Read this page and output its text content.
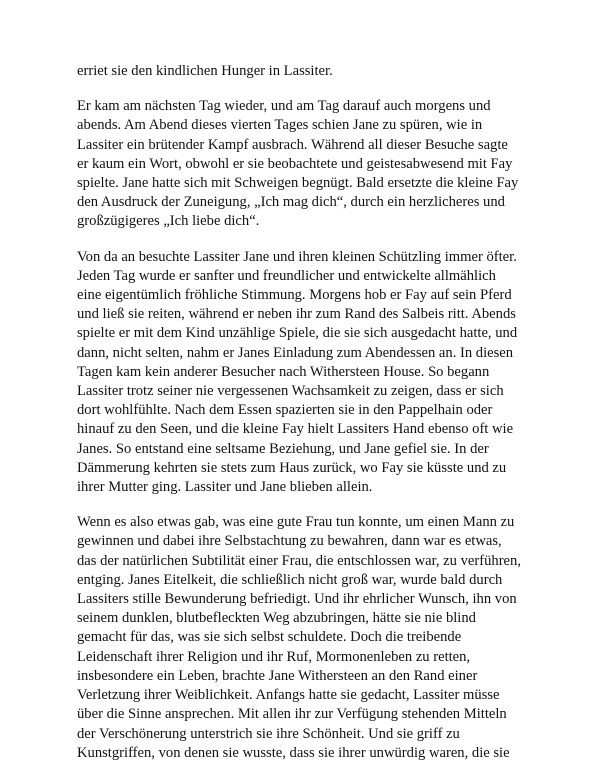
erriet sie den kindlichen Hunger in Lassiter.

Er kam am nächsten Tag wieder, und am Tag darauf auch morgens und
abends. Am Abend dieses vierten Tages schien Jane zu spüren, wie in
Lassiter ein brütender Kampf ausbrach. Während all dieser Besuche sagte
er kaum ein Wort, obwohl er sie beobachtete und geistesabwesend mit Fay
spielte. Jane hatte sich mit Schweigen begnügt. Bald ersetzte die kleine Fay
den Ausdruck der Zuneigung, „Ich mag dich“, durch ein herzlicheres und
großzügigeres „Ich liebe dich“.

Von da an besuchte Lassiter Jane und ihren kleinen Schützling immer öfter.
Jeden Tag wurde er sanfter und freundlicher und entwickelte allmählich
eine eigentümlich fröhliche Stimmung. Morgens hob er Fay auf sein Pferd
und ließ sie reiten, während er neben ihr zum Rand des Salbeis ritt. Abends
spielte er mit dem Kind unzählige Spiele, die sie sich ausgedacht hatte, und
dann, nicht selten, nahm er Janes Einladung zum Abendessen an. In diesen
Tagen kam kein anderer Besucher nach Withersteen House. So begann
Lassiter trotz seiner nie vergessenen Wachsamkeit zu zeigen, dass er sich
dort wohlfühlte. Nach dem Essen spazierten sie in den Pappelhain oder
hinauf zu den Seen, und die kleine Fay hielt Lassiters Hand ebenso oft wie
Janes. So entstand eine seltsame Beziehung, und Jane gefiel sie. In der
Dämmerung kehrten sie stets zum Haus zurück, wo Fay sie küsste und zu
ihrer Mutter ging. Lassiter und Jane blieben allein.

Wenn es also etwas gab, was eine gute Frau tun konnte, um einen Mann zu
gewinnen und dabei ihre Selbstachtung zu bewahren, dann war es etwas,
das der natürlichen Subtilität einer Frau, die entschlossen war, zu verführen,
entging. Janes Eitelkeit, die schließlich nicht groß war, wurde bald durch
Lassiters stille Bewunderung befriedigt. Und ihr ehrlicher Wunsch, ihn von
seinem dunklen, blutbefleckten Weg abzubringen, hätte sie nie blind
gemacht für das, was sie sich selbst schuldete. Doch die treibende
Leidenschaft ihrer Religion und ihr Ruf, Mormonenleben zu retten,
insbesondere ein Leben, brachte Jane Withersteen an den Rand einer
Verletzung ihrer Weiblichkeit. Anfangs hatte sie gedacht, Lassiter müsse
über die Sinne ansprechen. Mit allen ihr zur Verfügung stehenden Mitteln
der Verschönerung unterstrich sie ihre Schönheit. Und sie griff zu
Kunstgriffen, von denen sie wusste, dass sie ihrer unwürdig waren, die sie
